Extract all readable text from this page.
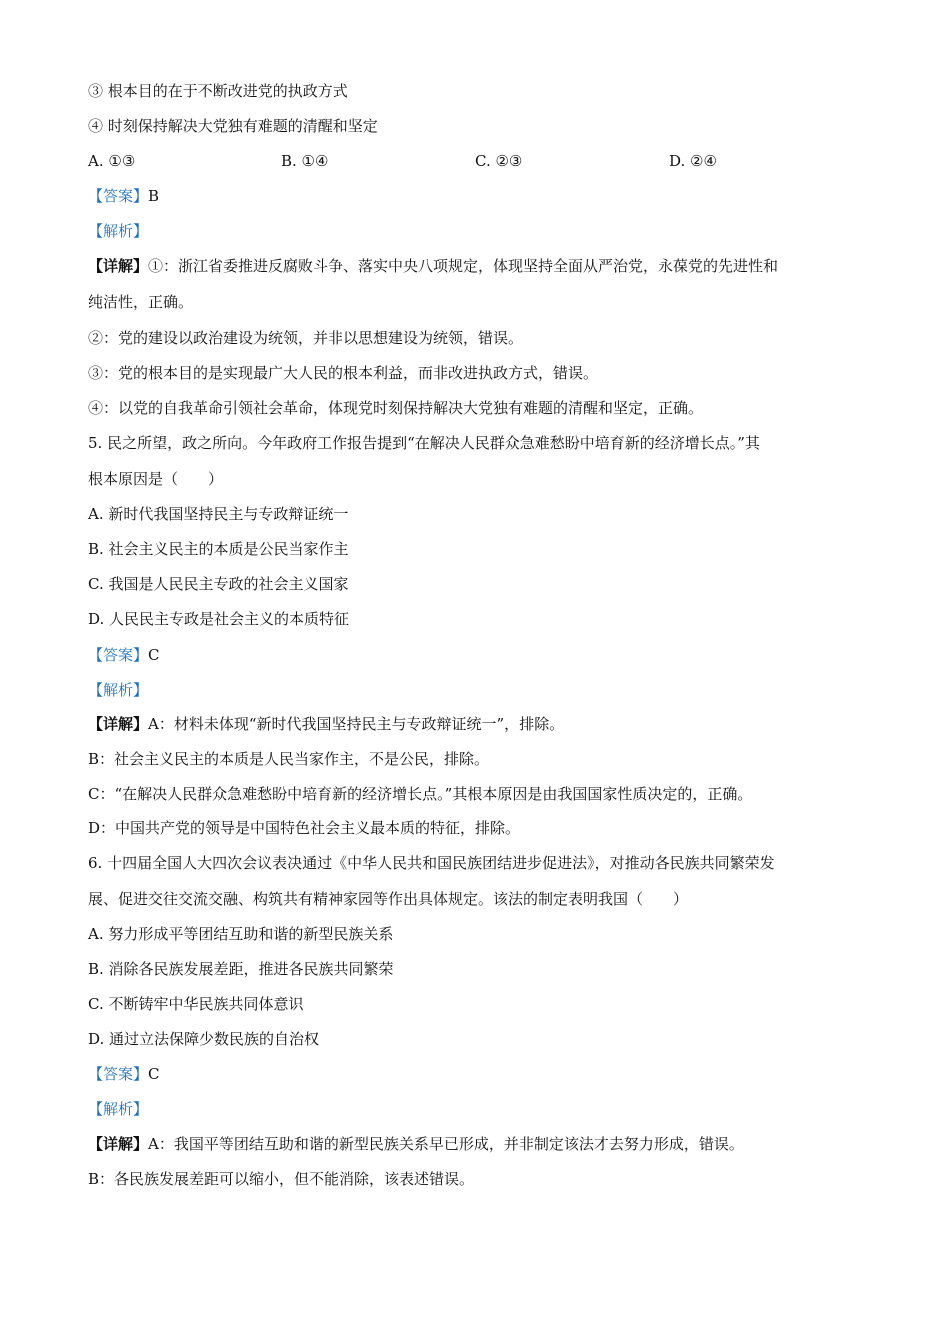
③ 根本目的在于不断改进党的执政方式
④ 时刻保持解决大党独有难题的清醒和坚定
A. ①③	B. ①④	C. ②③	D. ②④
【答案】B
【解析】
【详解】①：浙江省委推进反腐败斗争、落实中央八项规定，体现坚持全面从严治党，永葆党的先进性和
纯洁性，正确。
②：党的建设以政治建设为统领，并非以思想建设为统领，错误。
③：党的根本目的是实现最广大人民的根本利益，而非改进执政方式，错误。
④：以党的自我革命引领社会革命，体现党时刻保持解决大党独有难题的清醒和坚定，正确。
5. 民之所望，政之所向。今年政府工作报告提到“在解决人民群众急难愁盼中培育新的经济增长点。”其
根本原因是（　　）
A. 新时代我国坚持民主与专政辩证统一
B. 社会主义民主的本质是公民当家作主
C. 我国是人民民主专政的社会主义国家
D. 人民民主专政是社会主义的本质特征
【答案】C
【解析】
【详解】A：材料未体现“新时代我国坚持民主与专政辩证统一”，排除。
B：社会主义民主的本质是人民当家作主，不是公民，排除。
C：“在解决人民群众急难愁盼中培育新的经济增长点。”其根本原因是由我国国家性质决定的，正确。
D：中国共产党的领导是中国特色社会主义最本质的特征，排除。
6. 十四届全国人大四次会议表决通过《中华人民共和国民族团结进步促进法》，对推动各民族共同繁荣发
展、促进交往交流交融、构筑共有精神家园等作出具体规定。该法的制定表明我国（　　）
A. 努力形成平等团结互助和谐的新型民族关系
B. 消除各民族发展差距，推进各民族共同繁荣
C. 不断铸牢中华民族共同体意识
D. 通过立法保障少数民族的自治权
【答案】C
【解析】
【详解】A：我国平等团结互助和谐的新型民族关系早已形成，并非制定该法才去努力形成，错误。
B：各民族发展差距可以缩小，但不能消除，该表述错误。
